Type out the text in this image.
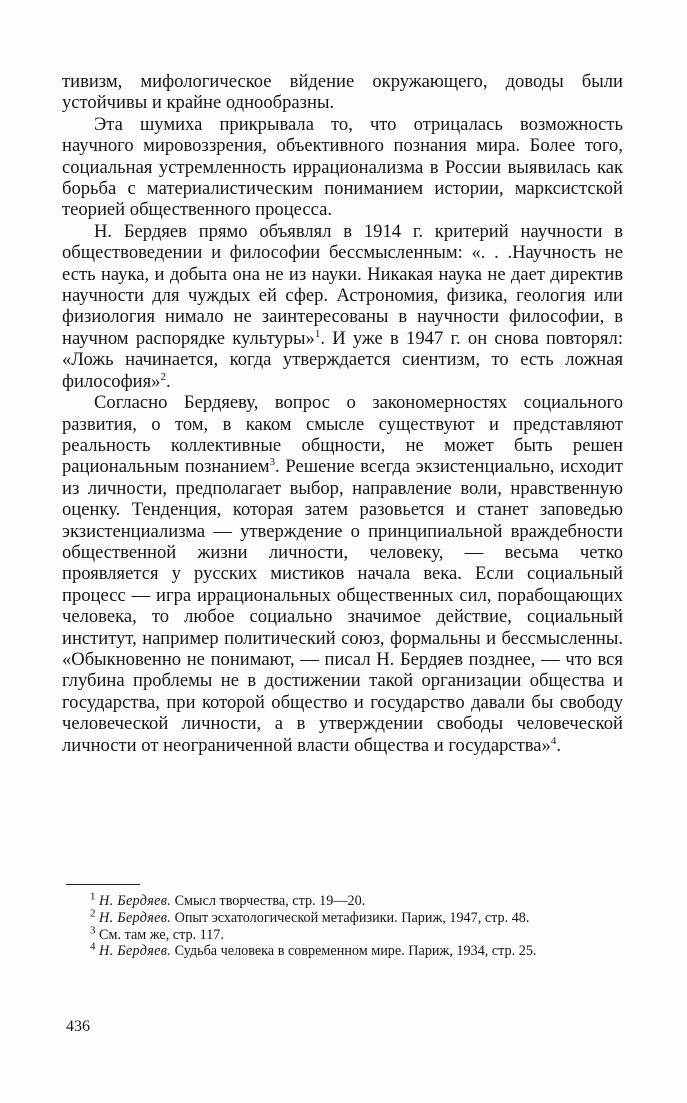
тивизм, мифологическое вйдение окружающего, доводы были устойчивы и крайне однообразны.

Эта шумиха прикрывала то, что отрицалась возможность научного мировоззрения, объективного познания мира. Более того, социальная устремленность иррационализма в России выявилась как борьба с материалистическим пониманием истории, марксистской теорией общественного процесса.

Н. Бердяев прямо объявлял в 1914 г. критерий научности в обществоведении и философии бессмысленным: «. . .Научность не есть наука, и добыта она не из науки. Никакая наука не дает директив научности для чуждых ей сфер. Астрономия, физика, геология или физиология нимало не заинтересованы в научности философии, в научном распорядке культуры»$^1$. И уже в 1947 г. он снова повторял: «Ложь начинается, когда утверждается сиентизм, то есть ложная философия»$^2$.

Согласно Бердяеву, вопрос о закономерностях социального развития, о том, в каком смысле существуют и представляют реальность коллективные общности, не может быть решен рациональным познанием$^3$. Решение всегда экзистенциально, исходит из личности, предполагает выбор, направление воли, нравственную оценку. Тенденция, которая затем разовьется и станет заповедью экзистенциализма — утверждение о принципиальной враждебности общественной жизни личности, человеку, — весьма четко проявляется у русских мистиков начала века. Если социальный процесс — игра иррациональных общественных сил, порабощающих человека, то любое социально значимое действие, социальный институт, например политический союз, формальны и бессмысленны. «Обыкновенно не понимают, — писал Н. Бердяев позднее, — что вся глубина проблемы не в достижении такой организации общества и государства, при которой общество и государство давали бы свободу человеческой личности, а в утверждении свободы человеческой личности от неограниченной власти общества и государства»$^4$.

$^1$ Н. Бердяев. Смысл творчества, стр. 19—20.

$^2$ Н. Бердяев. Опыт эсхатологической метафизики. Париж, 1947, стр. 48.

$^3$ См. там же, стр. 117.

$^4$ Н. Бердяев. Судьба человека в современном мире. Париж, 1934, стр. 25.

436
